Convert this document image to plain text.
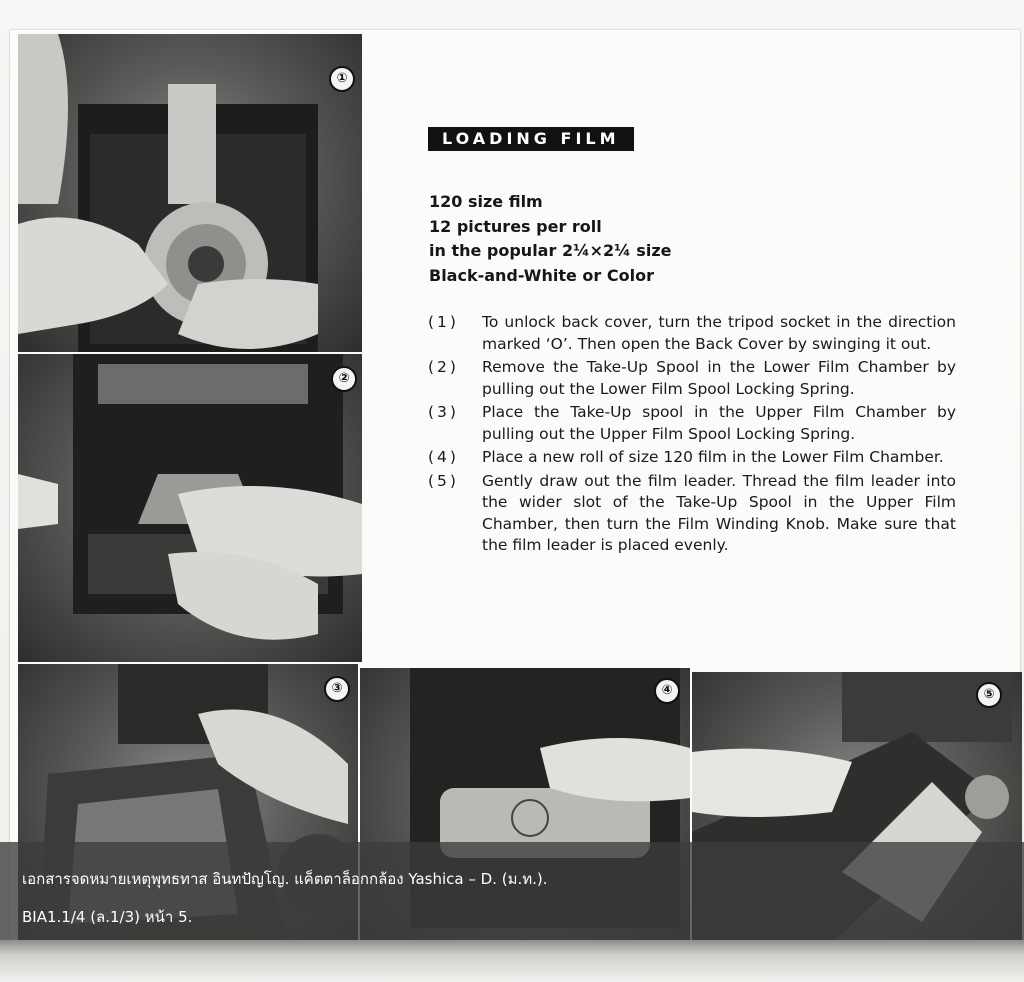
①
②
③	④	⑤
LOADING FILM
120 size film
12 pictures per roll
in the popular 2¼×2¼ size
Black-and-White or Color
(1)	To unlock back cover, turn the tripod socket in the direction marked ‘O’. Then open the Back Cover by swinging it out.
(2)	Remove the Take-Up Spool in the Lower Film Chamber by pulling out the Lower Film Spool Locking Spring.
(3)	Place the Take-Up spool in the Upper Film Chamber by pulling out the Upper Film Spool Locking Spring.
(4)	Place a new roll of size 120 film in the Lower Film Chamber.
(5)	Gently draw out the film leader. Thread the film leader into the wider slot of the Take-Up Spool in the Upper Film Chamber, then turn the Film Winding Knob. Make sure that the film leader is placed evenly.
เอกสารจดหมายเหตุพุทธทาส อินทปัญโญ. แค็ตตาล็อกกล้อง Yashica – D. (ม.ท.).
BIA1.1/4 (ล.1/3) หน้า 5.
